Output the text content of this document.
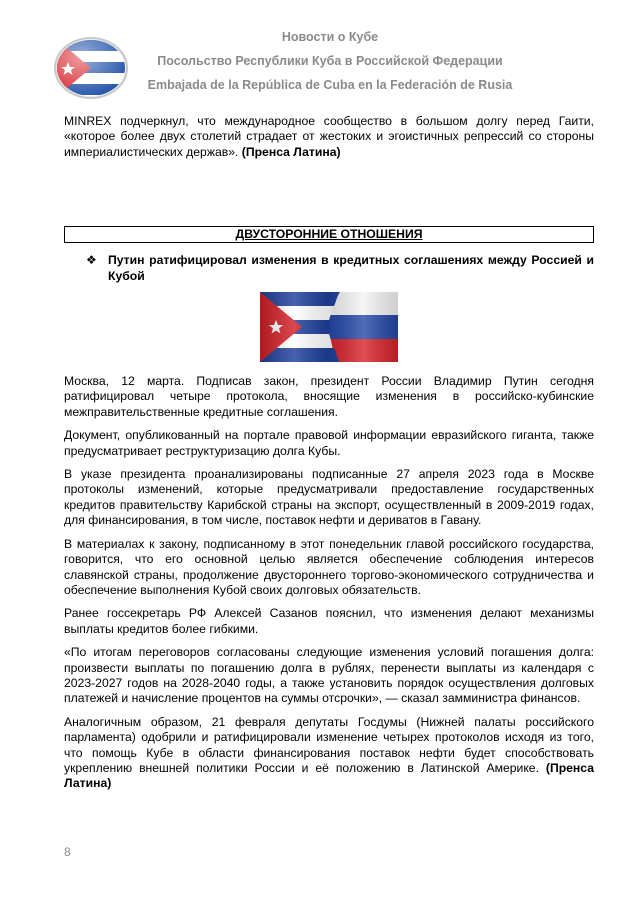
Новости о Кубе
Посольство Республики Куба в Российской Федерации
Embajada de la República de Cuba en la Federación de Rusia

MINREX подчеркнул, что международное сообщество в большом долгу перед Гаити, «которое более двух столетий страдает от жестоких и эгоистичных репрессий со стороны империалистических держав». (Пренса Латина)

ДВУСТОРОННИЕ ОТНОШЕНИЯ
❖ Путин ратифицировал изменения в кредитных соглашениях между Россией и Кубой

Москва, 12 марта. Подписав закон, президент России Владимир Путин сегодня ратифицировал четыре протокола, вносящие изменения в российско-кубинские межправительственные кредитные соглашения.

Документ, опубликованный на портале правовой информации евразийского гиганта, также предусматривает реструктуризацию долга Кубы.

В указе президента проанализированы подписанные 27 апреля 2023 года в Москве протоколы изменений, которые предусматривали предоставление государственных кредитов правительству Карибской страны на экспорт, осуществленный в 2009-2019 годах, для финансирования, в том числе, поставок нефти и дериватов в Гавану.

В материалах к закону, подписанному в этот понедельник главой российского государства, говорится, что его основной целью является обеспечение соблюдения интересов славянской страны, продолжение двустороннего торгово-экономического сотрудничества и обеспечение выполнения Кубой своих долговых обязательств.

Ранее госсекретарь РФ Алексей Сазанов пояснил, что изменения делают механизмы выплаты кредитов более гибкими.

«По итогам переговоров согласованы следующие изменения условий погашения долга: произвести выплаты по погашению долга в рублях, перенести выплаты из календаря с 2023-2027 годов на 2028-2040 годы, а также установить порядок осуществления долговых платежей и начисление процентов на суммы отсрочки», — сказал замминистра финансов.

Аналогичным образом, 21 февраля депутаты Госдумы (Нижней палаты российского парламента) одобрили и ратифицировали изменение четырех протоколов исходя из того, что помощь Кубе в области финансирования поставок нефти будет способствовать укреплению внешней политики России и её положению в Латинской Америке. (Пренса Латина)

8
